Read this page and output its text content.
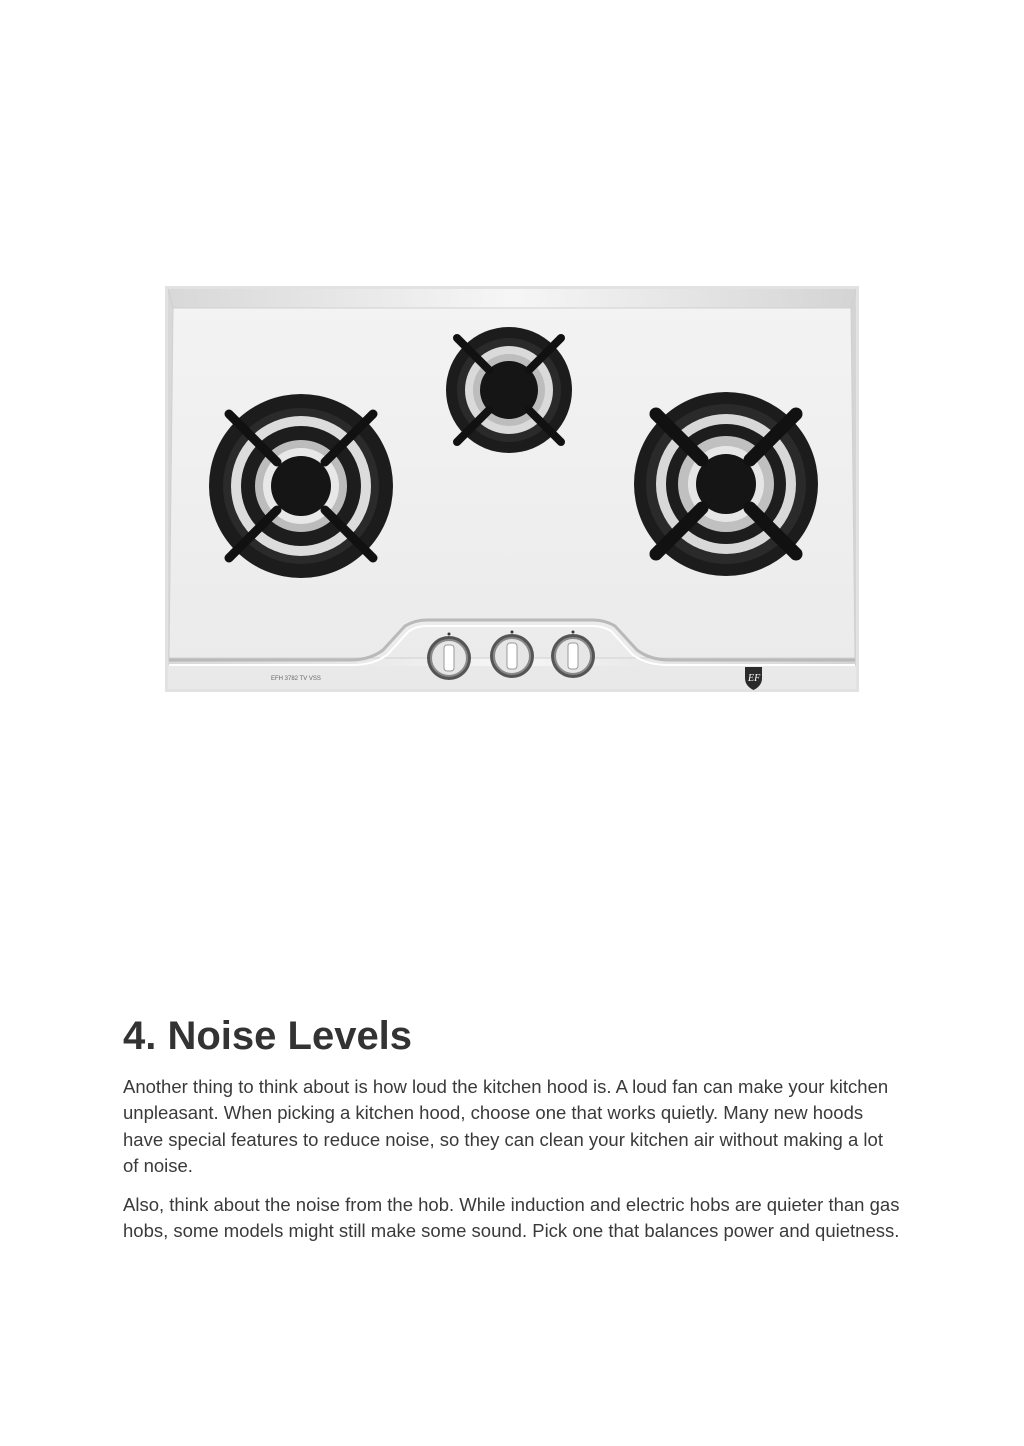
EFH 3782 TV VSS	EF
4. Noise Levels

Another thing to think about is how loud the kitchen hood is. A loud fan can make your kitchen unpleasant. When picking a kitchen hood, choose one that works quietly. Many new hoods have special features to reduce noise, so they can clean your kitchen air without making a lot of noise.

Also, think about the noise from the hob. While induction and electric hobs are quieter than gas hobs, some models might still make some sound. Pick one that balances power and quietness.
